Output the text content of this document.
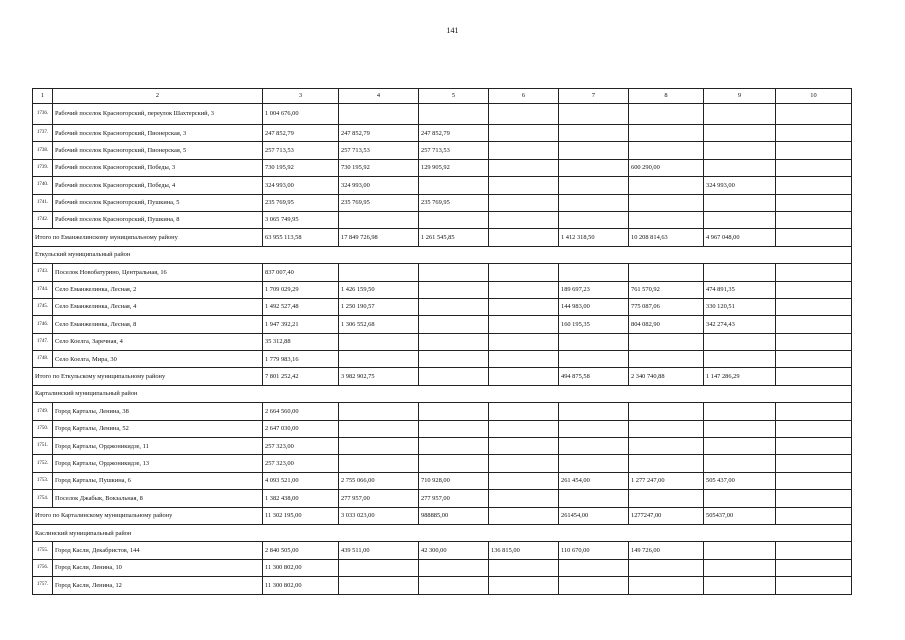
141
1	2	3	4	5	6	7	8	9	10
1736.	Рабочий поселок Красногорский, переулок Шахтерский, 3	1 004 676,00							
1737.	Рабочий поселок Красногорский, Пионерская, 3	247 852,79	247 852,79	247 852,79					
1738.	Рабочий поселок Красногорский, Пионерская, 5	257 713,53	257 713,53	257 713,53					
1739.	Рабочий поселок Красногорский, Победы, 3	730 195,92	730 195,92	129 905,92			600 290,00		
1740.	Рабочий поселок Красногорский, Победы, 4	324 993,00	324 993,00					324 993,00	
1741.	Рабочий поселок Красногорский, Пушкина, 5	235 769,95	235 769,95	235 769,95					
1742.	Рабочий поселок Красногорский, Пушкина, 8	3 065 749,95							
Итого по Еманжелинскому муниципальному району		63 955 113,58	17 849 726,98	1 261 545,85		1 412 318,50	10 208 814,63	4 967 048,00	
Еткульский муниципальный район									
1743.	Поселок Новобатурино, Центральная, 16	837 007,40							
1744.	Село Еманжелинка, Лесная, 2	1 709 029,29	1 426 159,50			189 697,23	761 570,92	474 891,35	
1745.	Село Еманжелинка, Лесная, 4	1 492 527,48	1 250 190,57			144 983,00	775 087,06	330 120,51	
1746.	Село Еманжелинка, Лесная, 8	1 947 392,21	1 306 552,68			160 195,35	804 082,90	342 274,43	
1747.	Село Коелга, Заречная, 4	35 312,88							
1748.	Село Коелга, Мира, 30	1 779 983,16							
Итого по Еткульскому муниципальному району		7 801 252,42	3 982 902,75			494 875,58	2 340 740,88	1 147 286,29	
Карталинский муниципальный район									
1749.	Город Карталы, Ленина, 38	2 664 560,00							
1750.	Город Карталы, Ленина, 52	2 647 030,00							
1751.	Город Карталы, Орджоникидзе, 11	257 323,00							
1752.	Город Карталы, Орджоникидзе, 13	257 323,00							
1753.	Город Карталы, Пушкина, 6	4 093 521,00	2 755 066,00	710 928,00		261 454,00	1 277 247,00	505 437,00	
1754.	Поселок Джабык, Вокзальная, 8	1 382 438,00	277 957,00	277 957,00					
Итого по Карталинскому муниципальному району		11 302 195,00	3 033 023,00	988885,00		261454,00	1277247,00	505437,00	
Каслинский муниципальный район									
1755.	Город Касли, Декабристов, 144	2 840 505,00	439 511,00	42 300,00	136 815,00	110 670,00	149 726,00		
1756.	Город Касли, Ленина, 10	11 300 802,00							
1757.	Город Касли, Ленина, 12	11 300 802,00							
